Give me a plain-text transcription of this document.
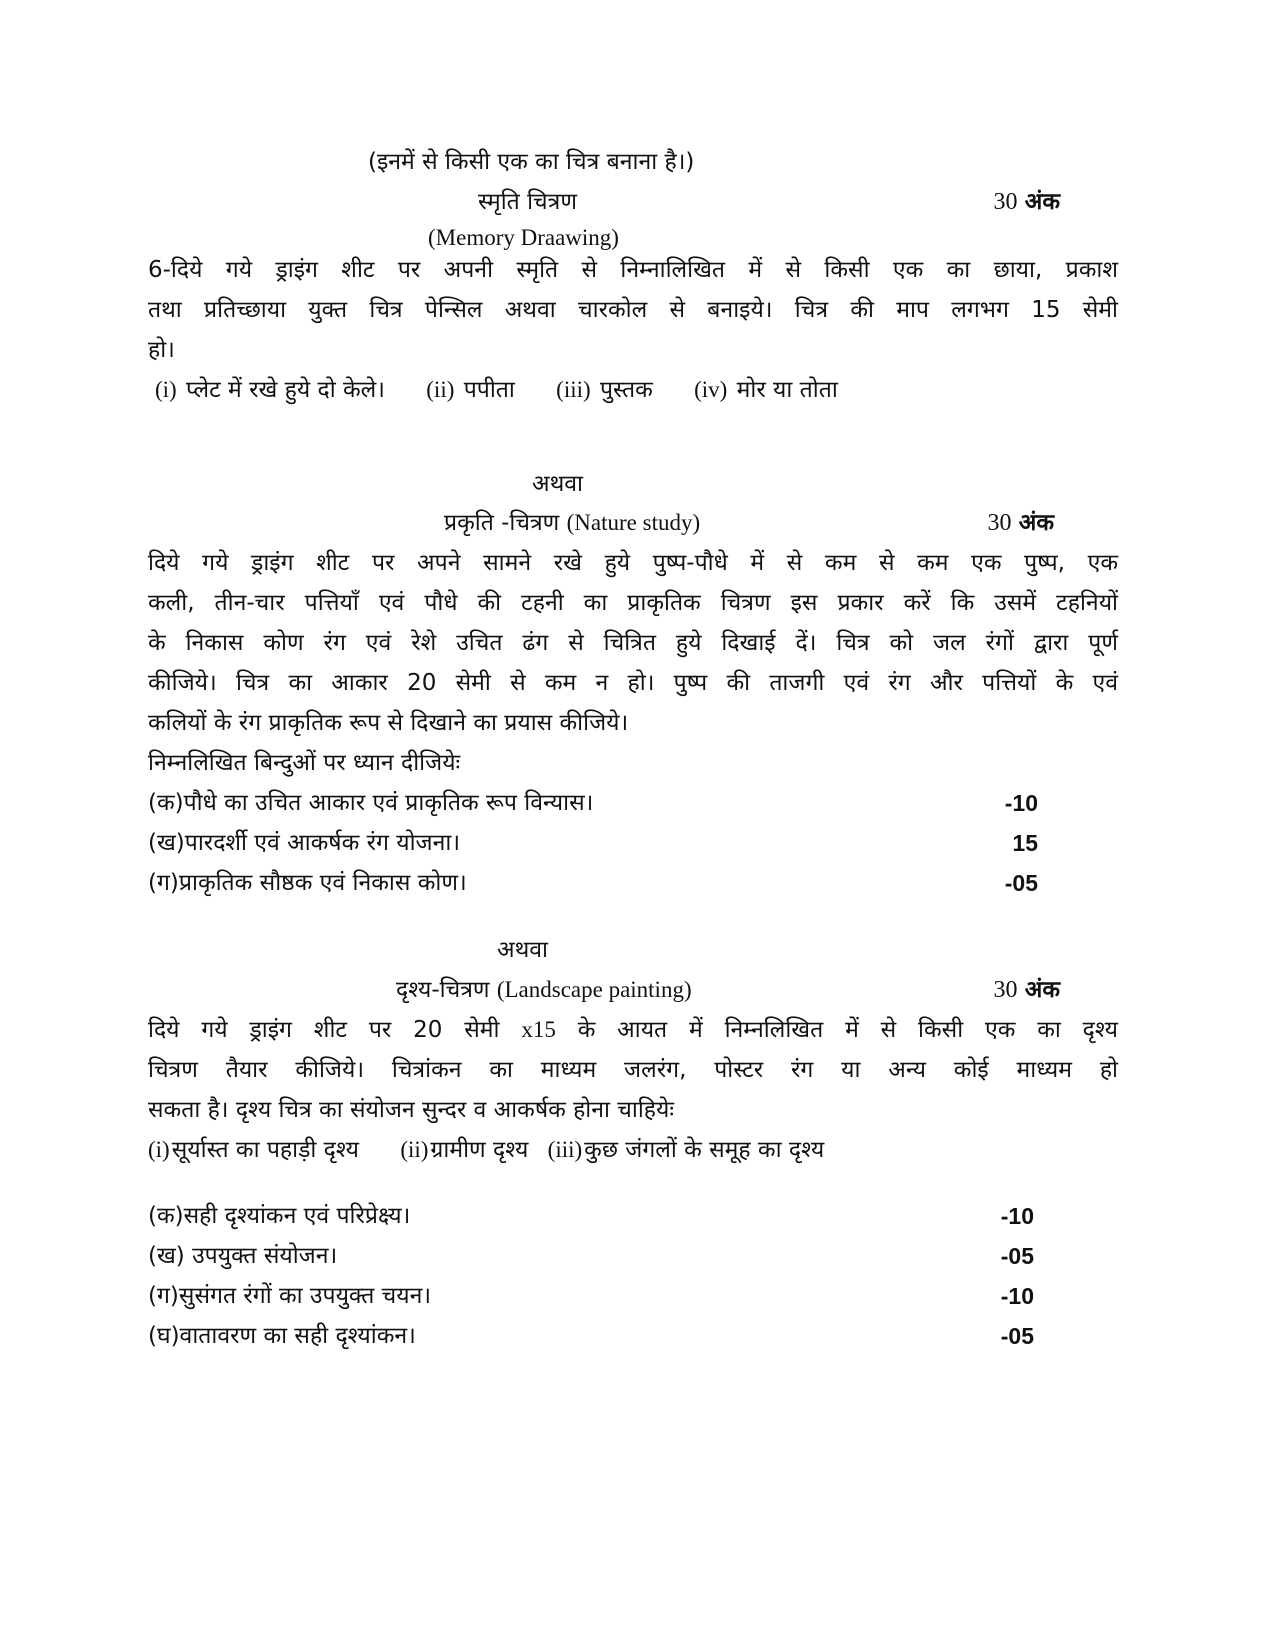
(इनमें से किसी एक का चित्र बनाना है।)
स्मृति चित्रण	30 अंक
(Memory Draawing)
6-दिये गये ड्राइंग शीट पर अपनी स्मृति से निम्नालिखित में से किसी एक का छाया, प्रकाश
तथा प्रतिच्छाया युक्त चित्र पेन्सिल अथवा चारकोल से बनाइये। चित्र की माप लगभग 15 सेमी
हो।
(i) प्लेट में रखे हुये दो केले। (ii) पपीता (iii) पुस्तक (iv) मोर या तोता
अथवा
प्रकृति -चित्रण (Nature study)	30 अंक
दिये गये ड्राइंग शीट पर अपने सामने रखे हुये पुष्प-पौधे में से कम से कम एक पुष्प, एक
कली, तीन-चार पत्तियाँ एवं पौधे की टहनी का प्राकृतिक चित्रण इस प्रकार करें कि उसमें टहनियों
के निकास कोण रंग एवं रेशे उचित ढंग से चित्रित हुये दिखाई दें। चित्र को जल रंगों द्वारा पूर्ण
कीजिये। चित्र का आकार 20 सेमी से कम न हो। पुष्प की ताजगी एवं रंग और पत्तियों के एवं
कलियों के रंग प्राकृतिक रूप से दिखाने का प्रयास कीजिये।
निम्नलिखित बिन्दुओं पर ध्यान दीजियेः
(क)पौधे का उचित आकार एवं प्राकृतिक रूप विन्यास।	-10
(ख)पारदर्शी एवं आकर्षक रंग योजना।	15
(ग)प्राकृतिक सौष्ठक एवं निकास कोण।	-05
अथवा
दृश्य-चित्रण (Landscape painting)	30 अंक
दिये गये ड्राइंग शीट पर 20 सेमी x15 के आयत में निम्नलिखित में से किसी एक का दृश्य
चित्रण तैयार कीजिये। चित्रांकन का माध्यम जलरंग, पोस्टर रंग या अन्य कोई माध्यम हो
सकता है। दृश्य चित्र का संयोजन सुन्दर व आकर्षक होना चाहियेः
(i)सूर्यास्त का पहाड़ी दृश्य (ii)ग्रामीण दृश्य (iii)कुछ जंगलों के समूह का दृश्य
(क)सही दृश्यांकन एवं परिप्रेक्ष्य।	-10
(ख) उपयुक्त संयोजन।	-05
(ग)सुसंगत रंगों का उपयुक्त चयन।	-10
(घ)वातावरण का सही दृश्यांकन।	-05
